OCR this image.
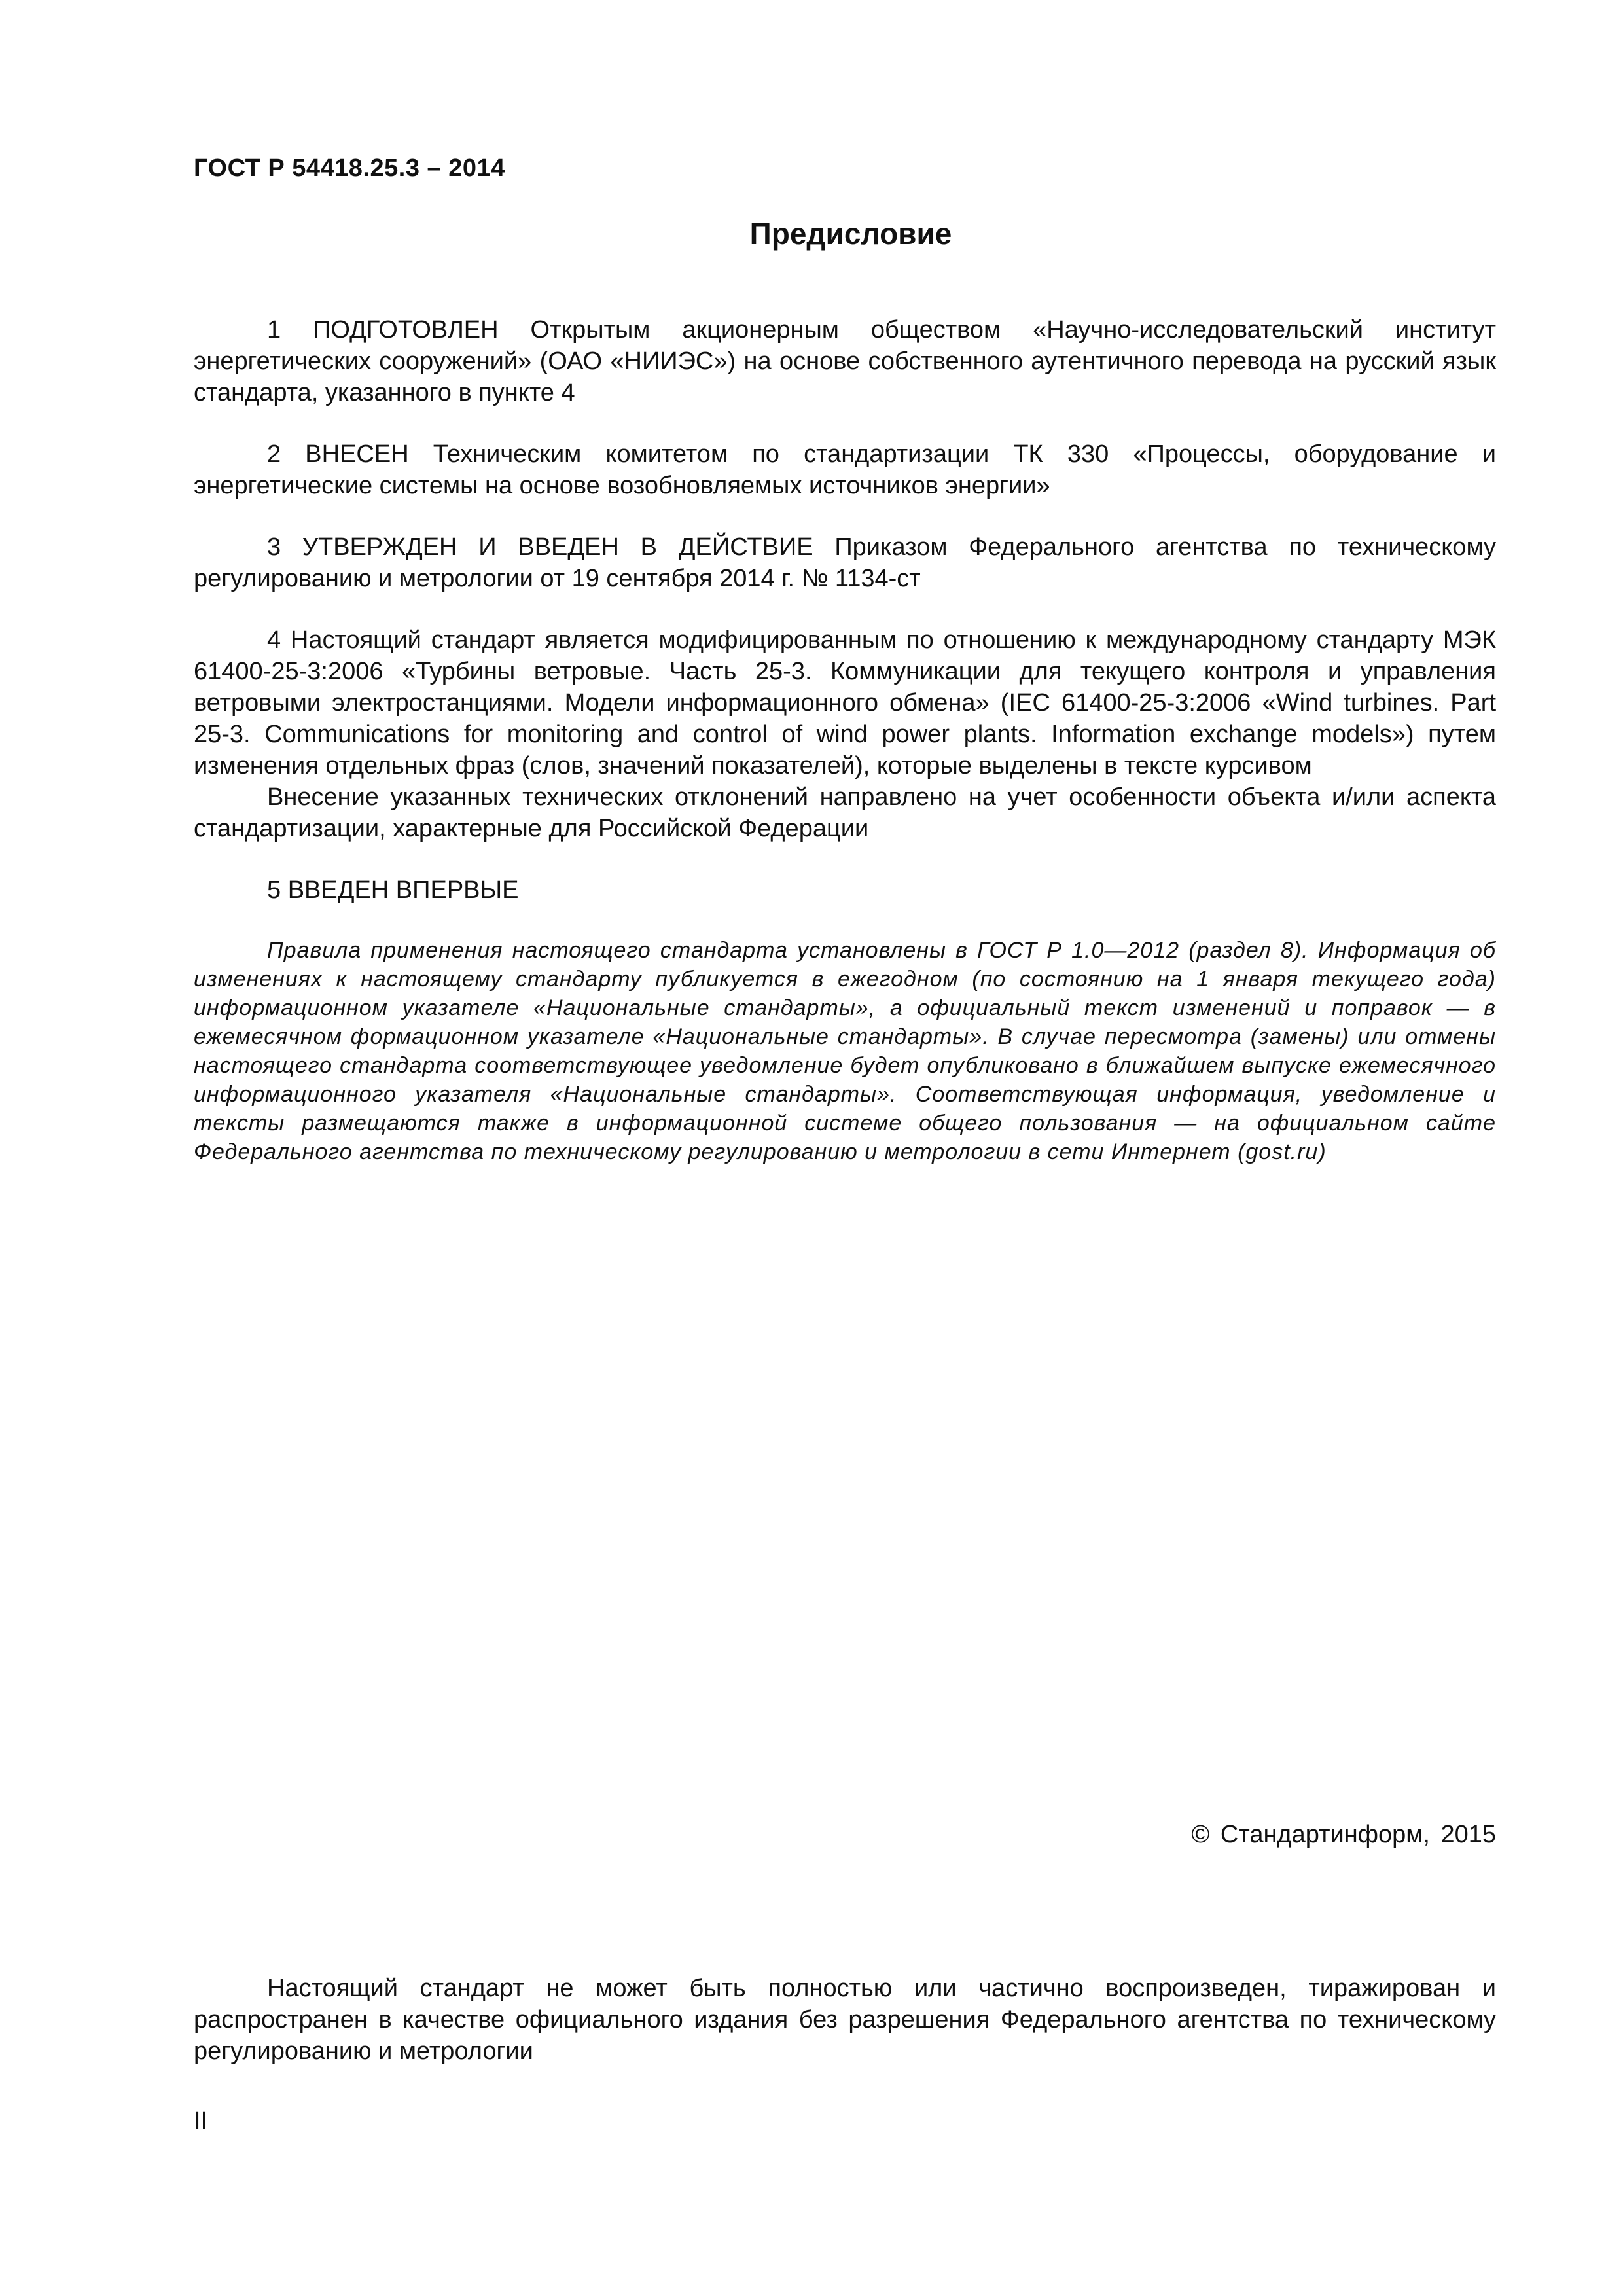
ГОСТ Р 54418.25.3 – 2014
Предисловие

1 ПОДГОТОВЛЕН Открытым акционерным обществом «Научно-исследовательский институт энергетических сооружений» (ОАО «НИИЭС») на основе собственного аутентичного перевода на русский язык стандарта, указанного в пункте 4

2 ВНЕСЕН Техническим комитетом по стандартизации ТК 330 «Процессы, оборудование и энергетические системы на основе возобновляемых источников энергии»

3 УТВЕРЖДЕН И ВВЕДЕН В ДЕЙСТВИЕ Приказом Федерального агентства по техническому регулированию и метрологии от 19 сентября 2014 г. № 1134-ст

4 Настоящий стандарт является модифицированным по отношению к международному стандарту МЭК 61400-25-3:2006 «Турбины ветровые. Часть 25-3. Коммуникации для текущего контроля и управления ветровыми электростанциями. Модели информационного обмена» (IEC 61400-25-3:2006 «Wind turbines. Part 25-3. Communications for monitoring and control of wind power plants. Information exchange models») путем изменения отдельных фраз (слов, значений показателей), которые выделены в тексте курсивом

Внесение указанных технических отклонений направлено на учет особенности объекта и/или аспекта стандартизации, характерные для Российской Федерации

5 ВВЕДЕН ВПЕРВЫЕ

Правила применения настоящего стандарта установлены в ГОСТ Р 1.0—2012 (раздел 8). Информация об изменениях к настоящему стандарту публикуется в ежегодном (по состоянию на 1 января текущего года) информационном указателе «Национальные стандарты», а официальный текст изменений и поправок — в ежемесячном формационном указателе «Национальные стандарты». В случае пересмотра (замены) или отмены настоящего стандарта соответствующее уведомление будет опубликовано в ближайшем выпуске ежемесячного информационного указателя «Национальные стандарты». Соответствующая информация, уведомление и тексты размещаются также в информационной системе общего пользования — на официальном сайте Федерального агентства по техническому регулированию и метрологии в сети Интернет (gost.ru)

© Стандартинформ, 2015

Настоящий стандарт не может быть полностью или частично воспроизведен, тиражирован и распространен в качестве официального издания без разрешения Федерального агентства по техническому регулированию и метрологии

II
